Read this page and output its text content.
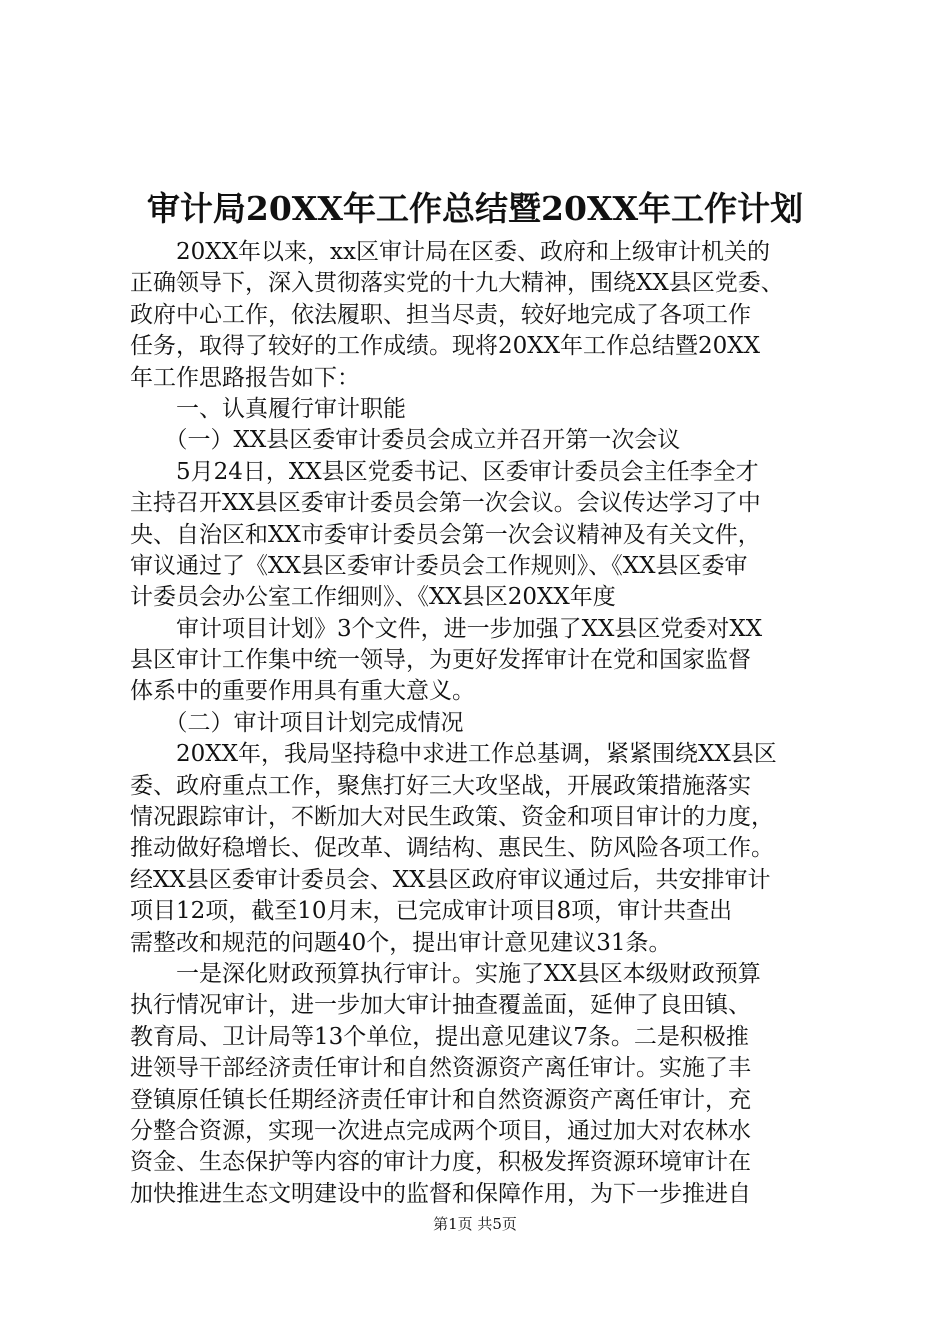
审计局20XX年工作总结暨20XX年工作计划
　　20XX年以来，xx区审计局在区委、政府和上级审计机关的
正确领导下，深入贯彻落实党的十九大精神，围绕XX县区党委、
政府中心工作，依法履职、担当尽责，较好地完成了各项工作
任务，取得了较好的工作成绩。现将20XX年工作总结暨20XX
年工作思路报告如下：
　　一、认真履行审计职能
　　（一）XX县区委审计委员会成立并召开第一次会议
　　5月24日，XX县区党委书记、区委审计委员会主任李全才
主持召开XX县区委审计委员会第一次会议。会议传达学习了中
央、自治区和XX市委审计委员会第一次会议精神及有关文件，
审议通过了《XX县区委审计委员会工作规则》、《XX县区委审
计委员会办公室工作细则》、《XX县区20XX年度
　　审计项目计划》3个文件，进一步加强了XX县区党委对XX
县区审计工作集中统一领导，为更好发挥审计在党和国家监督
体系中的重要作用具有重大意义。
　　（二）审计项目计划完成情况
　　20XX年，我局坚持稳中求进工作总基调，紧紧围绕XX县区
委、政府重点工作，聚焦打好三大攻坚战，开展政策措施落实
情况跟踪审计，不断加大对民生政策、资金和项目审计的力度，
推动做好稳增长、促改革、调结构、惠民生、防风险各项工作。
经XX县区委审计委员会、XX县区政府审议通过后，共安排审计
项目12项，截至10月末，已完成审计项目8项，审计共查出
需整改和规范的问题40个，提出审计意见建议31条。
　　一是深化财政预算执行审计。实施了XX县区本级财政预算
执行情况审计，进一步加大审计抽查覆盖面，延伸了良田镇、
教育局、卫计局等13个单位，提出意见建议7条。二是积极推
进领导干部经济责任审计和自然资源资产离任审计。实施了丰
登镇原任镇长任期经济责任审计和自然资源资产离任审计，充
分整合资源，实现一次进点完成两个项目，通过加大对农林水
资金、生态保护等内容的审计力度，积极发挥资源环境审计在
加快推进生态文明建设中的监督和保障作用，为下一步推进自
第1页 共5页
